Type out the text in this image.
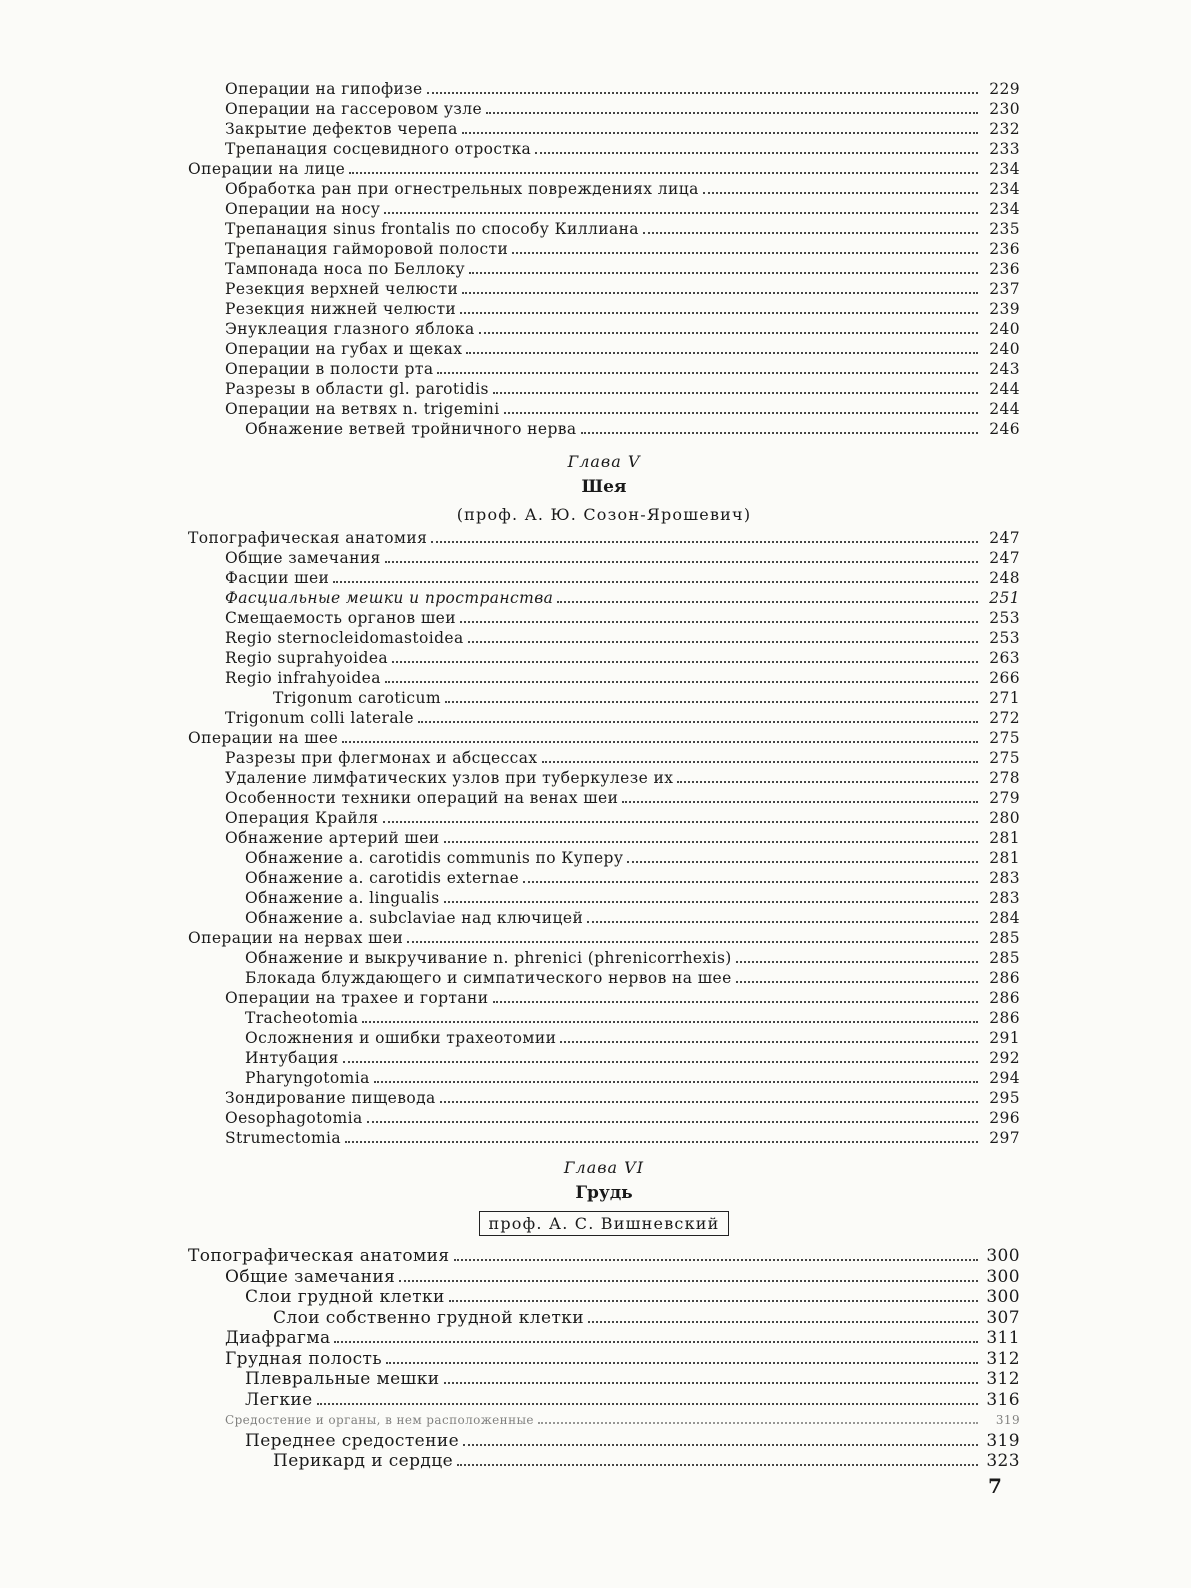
Операции на гипофизе	229
Операции на гассеровом узле	230
Закрытие дефектов черепа	232
Трепанация сосцевидного отростка	233
Операции на лице	234
Обработка ран при огнестрельных повреждениях лица	234
Операции на носу	234
Трепанация sinus frontalis по способу Киллиана	235
Трепанация гайморовой полости	236
Тампонада носа по Беллоку	236
Резекция верхней челюсти	237
Резекция нижней челюсти	239
Энуклеация глазного яблока	240
Операции на губах и щеках	240
Операции в полости рта	243
Разрезы в области gl. parotidis	244
Операции на ветвях n. trigemini	244
Обнажение ветвей тройничного нерва	246
Глава V
Шея
(проф. А. Ю. Созон-Ярошевич)
Топографическая анатомия	247
Общие замечания	247
Фасции шеи	248
Фасциальные мешки и пространства	251
Смещаемость органов шеи	253
Regio sternocleidomastoidea	253
Regio suprahyoidea	263
Regio infrahyoidea	266
Trigonum caroticum	271
Trigonum colli laterale	272
Операции на шее	275
Разрезы при флегмонах и абсцессах	275
Удаление лимфатических узлов при туберкулезе их	278
Особенности техники операций на венах шеи	279
Операция Крайля	280
Обнажение артерий шеи	281
Обнажение a. carotidis communis по Куперу	281
Обнажение a. carotidis externae	283
Обнажение a. lingualis	283
Обнажение a. subclaviae над ключицей	284
Операции на нервах шеи	285
Обнажение и выкручивание n. phrenici (phrenicorrhexis)	285
Блокада блуждающего и симпатического нервов на шее	286
Операции на трахее и гортани	286
Tracheotomia	286
Осложнения и ошибки трахеотомии	291
Интубация	292
Pharyngotomia	294
Зондирование пищевода	295
Oesophagotomia	296
Strumectomia	297
Глава VI
Грудь
проф. А. С. Вишневский
Топографическая анатомия	300
Общие замечания	300
Слои грудной клетки	300
Слои собственно грудной клетки	307
Диафрагма	311
Грудная полость	312
Плевральные мешки	312
Легкие	316
Средостение и органы, в нем расположенные	319
Переднее средостение	319
Перикард и сердце	323
7
